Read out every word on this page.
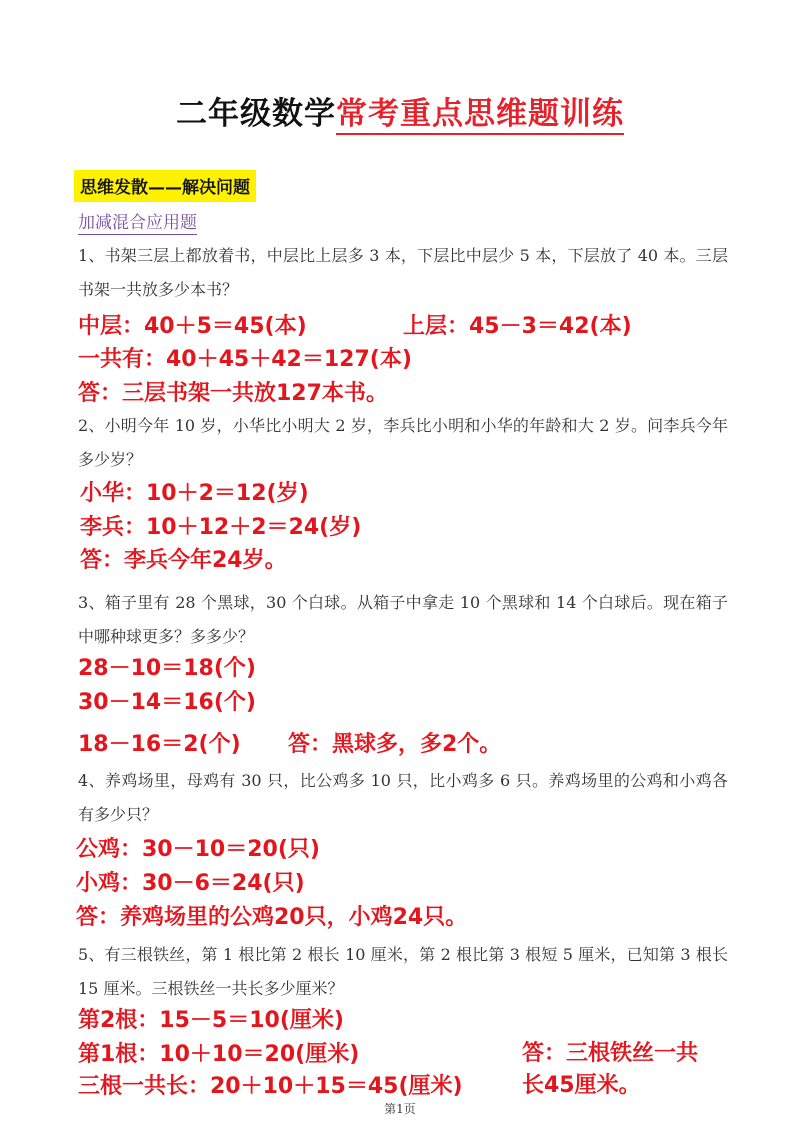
二年级数学常考重点思维题训练
思维发散——解决问题
加减混合应用题
1、书架三层上都放着书，中层比上层多 3 本，下层比中层少 5 本，下层放了 40 本。三层书架一共放多少本书？
中层：40＋5＝45(本)	上层：45－3＝42(本)
一共有：40＋45＋42＝127(本)
答：三层书架一共放127本书。
2、小明今年 10 岁，小华比小明大 2 岁，李兵比小明和小华的年龄和大 2 岁。问李兵今年多少岁？
小华：10＋2＝12(岁)
李兵：10＋12＋2＝24(岁)
答：李兵今年24岁。
3、箱子里有 28 个黑球，30 个白球。从箱子中拿走 10 个黑球和 14 个白球后。现在箱子中哪种球更多？多多少？
28－10＝18(个)
30－14＝16(个)
18－16＝2(个) 答：黑球多，多2个。
4、养鸡场里，母鸡有 30 只，比公鸡多 10 只，比小鸡多 6 只。养鸡场里的公鸡和小鸡各有多少只？
公鸡：30－10＝20(只)
小鸡：30－6＝24(只)
答：养鸡场里的公鸡20只，小鸡24只。
5、有三根铁丝，第 1 根比第 2 根长 10 厘米，第 2 根比第 3 根短 5 厘米，已知第 3 根长 15 厘米。三根铁丝一共长多少厘米？
第2根：15－5＝10(厘米)
第1根：10＋10＝20(厘米)
三根一共长：20＋10＋15＝45(厘米)
答：三根铁丝一共
长45厘米。
第1页
